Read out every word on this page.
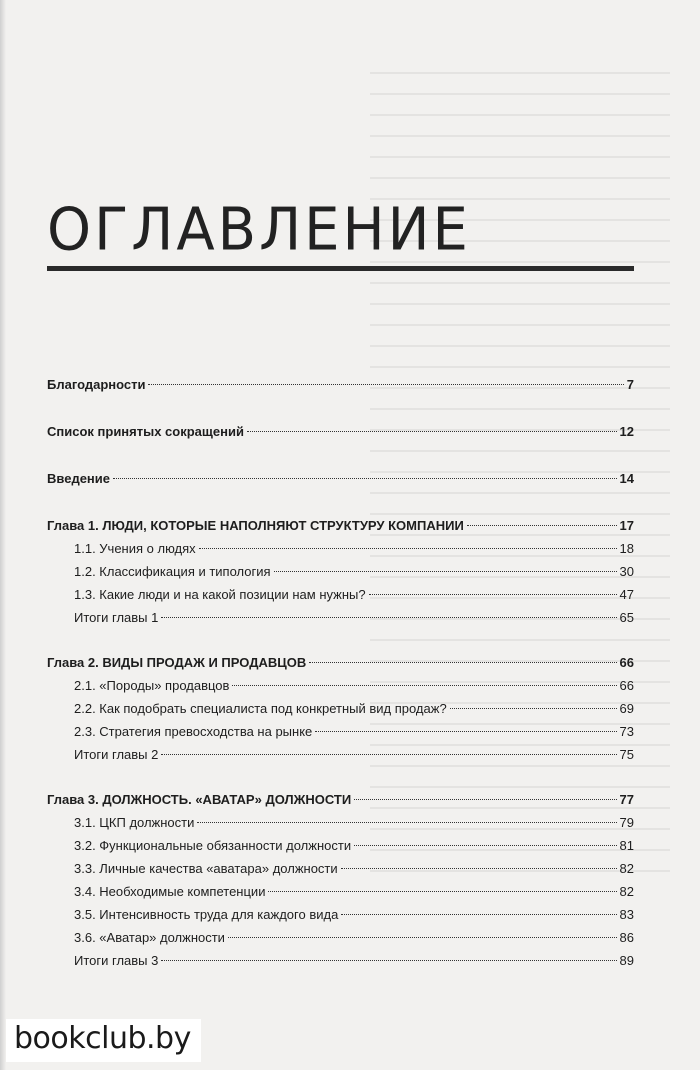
ОГЛАВЛЕНИЕ
Благодарности	7
Список принятых сокращений	12
Введение	14
Глава 1. ЛЮДИ, КОТОРЫЕ НАПОЛНЯЮТ СТРУКТУРУ КОМПАНИИ	17
1.1. Учения о людях	18
1.2. Классификация и типология	30
1.3. Какие люди и на какой позиции нам нужны?	47
Итоги главы 1	65
Глава 2. ВИДЫ ПРОДАЖ И ПРОДАВЦОВ	66
2.1. «Породы» продавцов	66
2.2. Как подобрать специалиста под конкретный вид продаж?	69
2.3. Стратегия превосходства на рынке	73
Итоги главы 2	75
Глава 3. ДОЛЖНОСТЬ. «АВАТАР» ДОЛЖНОСТИ	77
3.1. ЦКП должности	79
3.2. Функциональные обязанности должности	81
3.3. Личные качества «аватара» должности	82
3.4. Необходимые компетенции	82
3.5. Интенсивность труда для каждого вида	83
3.6. «Аватар» должности	86
Итоги главы 3	89
bookclub.by
